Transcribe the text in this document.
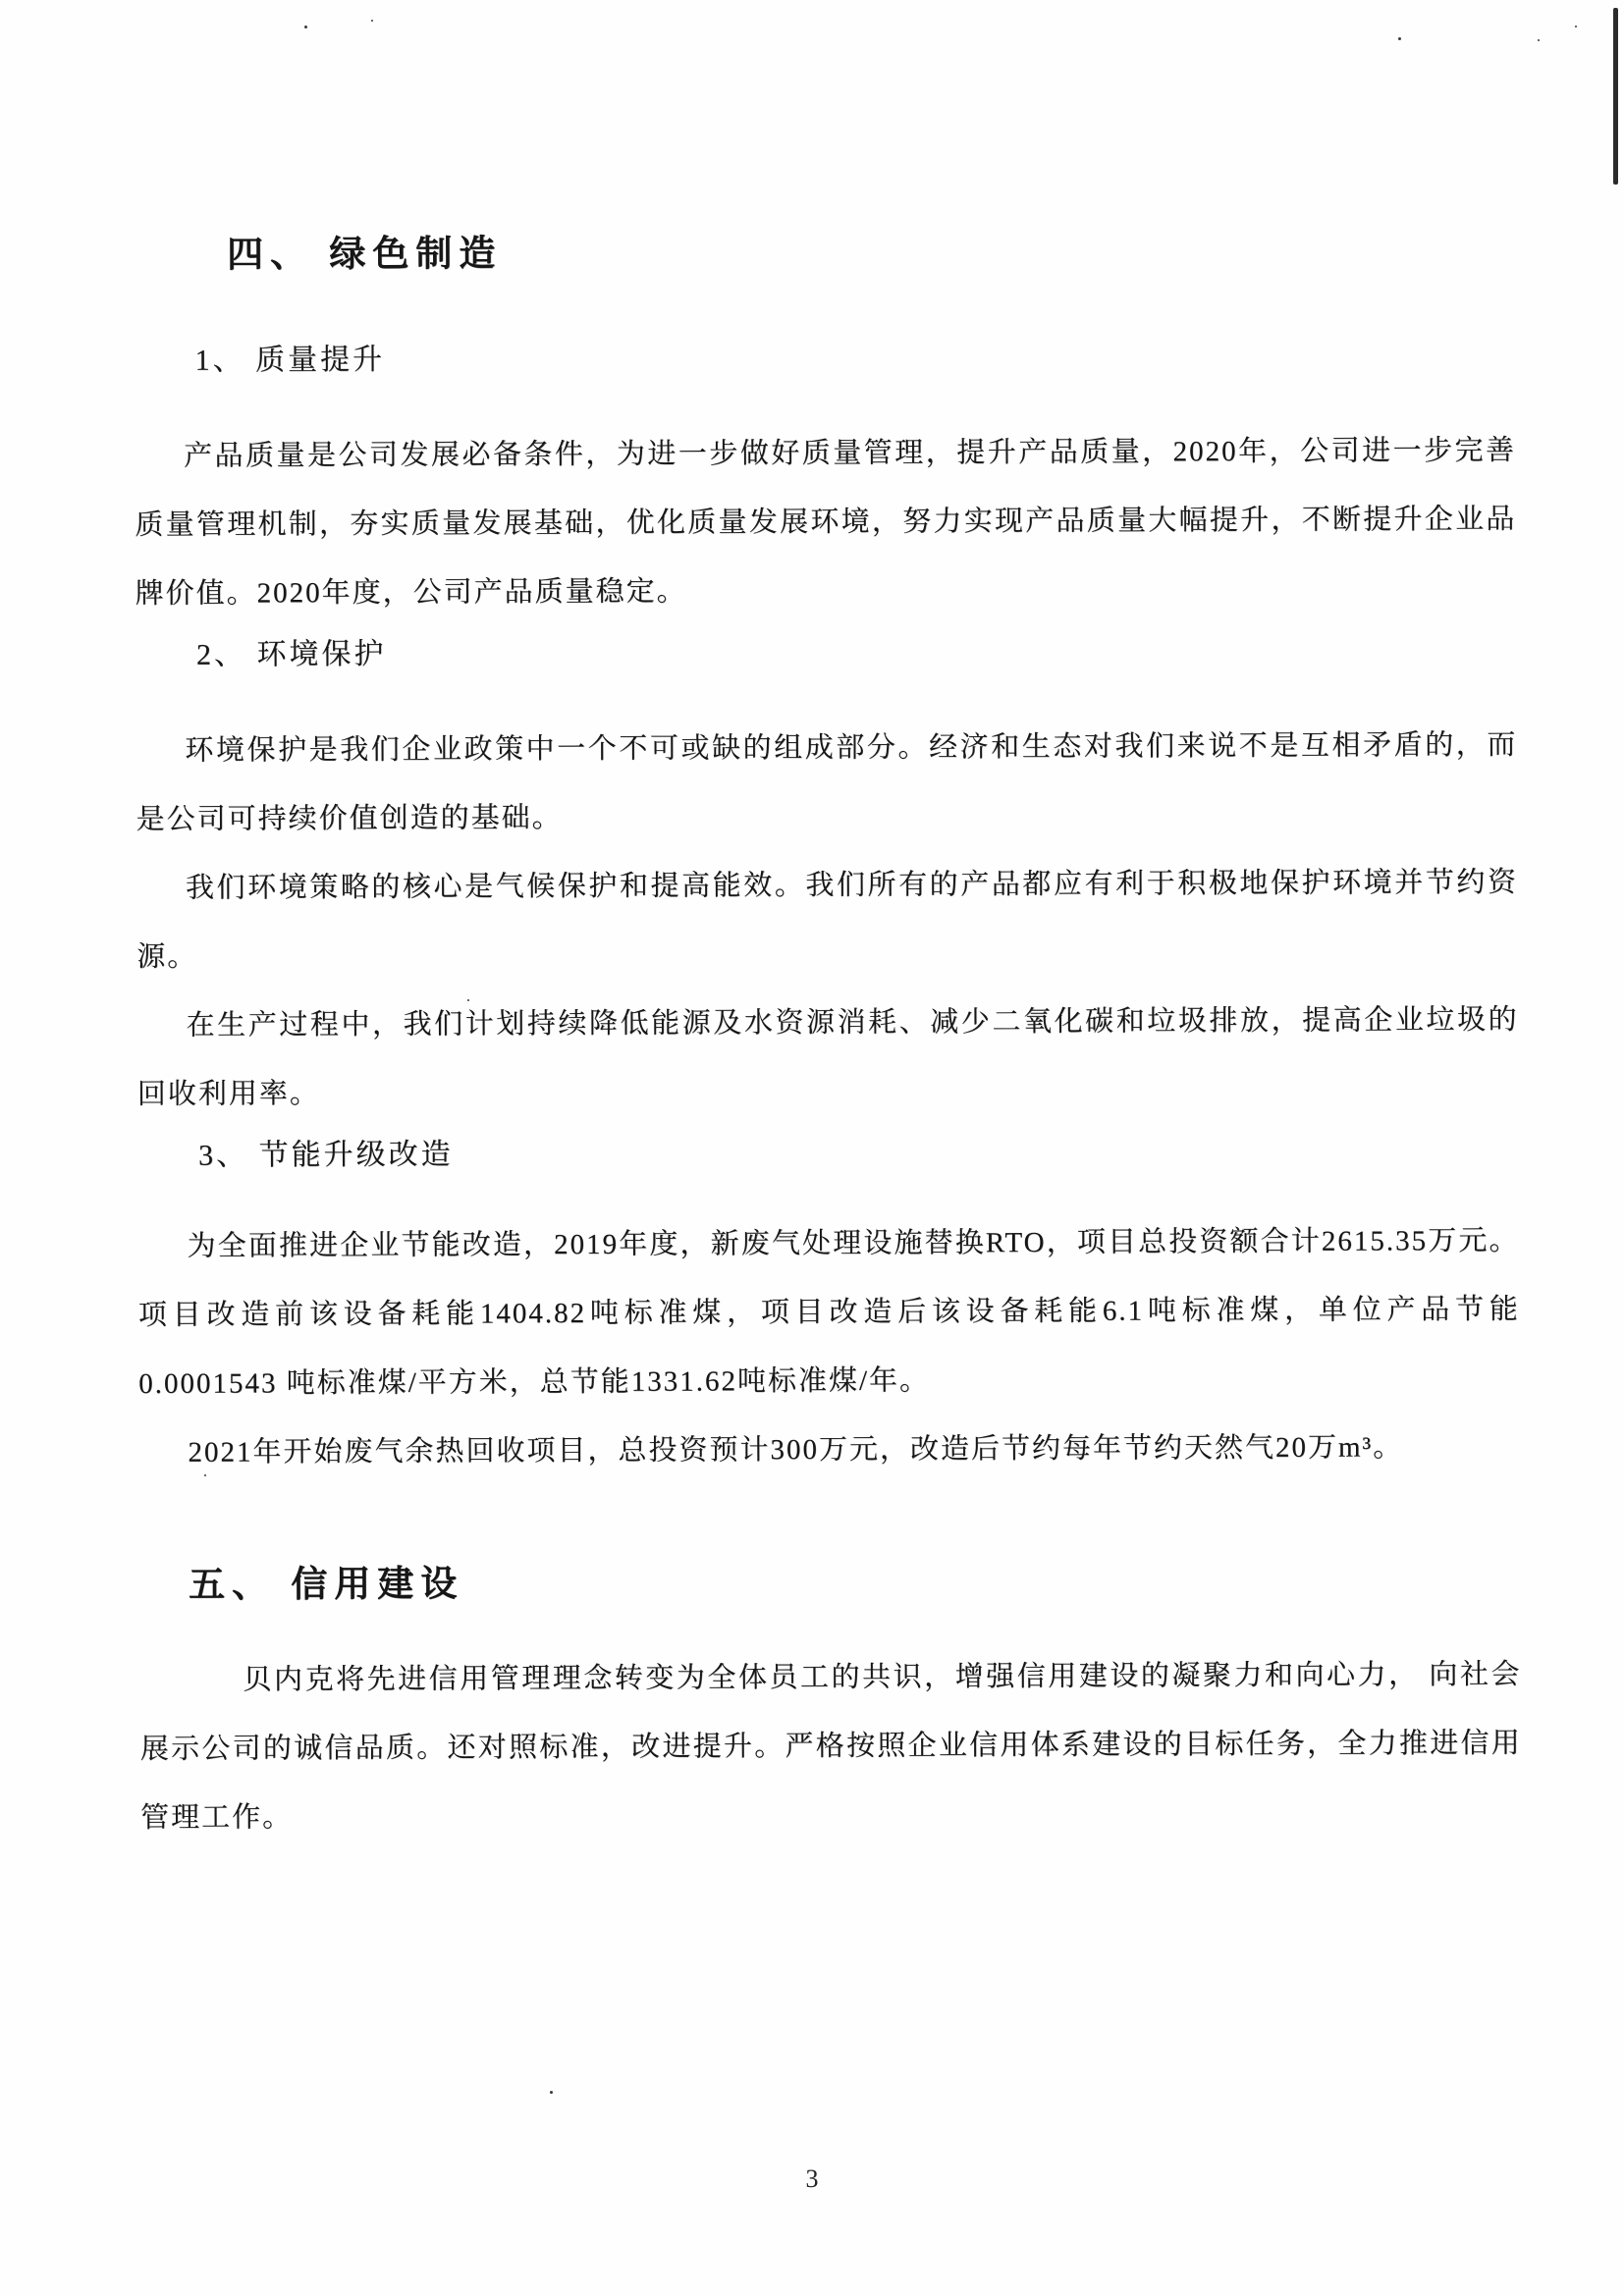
四、 绿色制造
1、 质量提升

产品质量是公司发展必备条件，为进一步做好质量管理，提升产品质量，2020年，公司进一步完善质量管理机制，夯实质量发展基础，优化质量发展环境，努力实现产品质量大幅提升，不断提升企业品牌价值。2020年度，公司产品质量稳定。

2、 环境保护

环境保护是我们企业政策中一个不可或缺的组成部分。经济和生态对我们来说不是互相矛盾的，而是公司可持续价值创造的基础。

我们环境策略的核心是气候保护和提高能效。我们所有的产品都应有利于积极地保护环境并节约资源。

在生产过程中，我们计划持续降低能源及水资源消耗、减少二氧化碳和垃圾排放，提高企业垃圾的回收利用率。

3、 节能升级改造

为全面推进企业节能改造，2019年度，新废气处理设施替换RTO，项目总投资额合计2615.35万元。项目改造前该设备耗能1404.82吨标准煤，项目改造后该设备耗能6.1吨标准煤，单位产品节能0.0001543 吨标准煤/平方米，总节能1331.62吨标准煤/年。

2021年开始废气余热回收项目，总投资预计300万元，改造后节约每年节约天然气20万m³。

五、 信用建设

贝内克将先进信用管理理念转变为全体员工的共识，增强信用建设的凝聚力和向心力， 向社会展示公司的诚信品质。还对照标准，改进提升。严格按照企业信用体系建设的目标任务，全力推进信用管理工作。

3
